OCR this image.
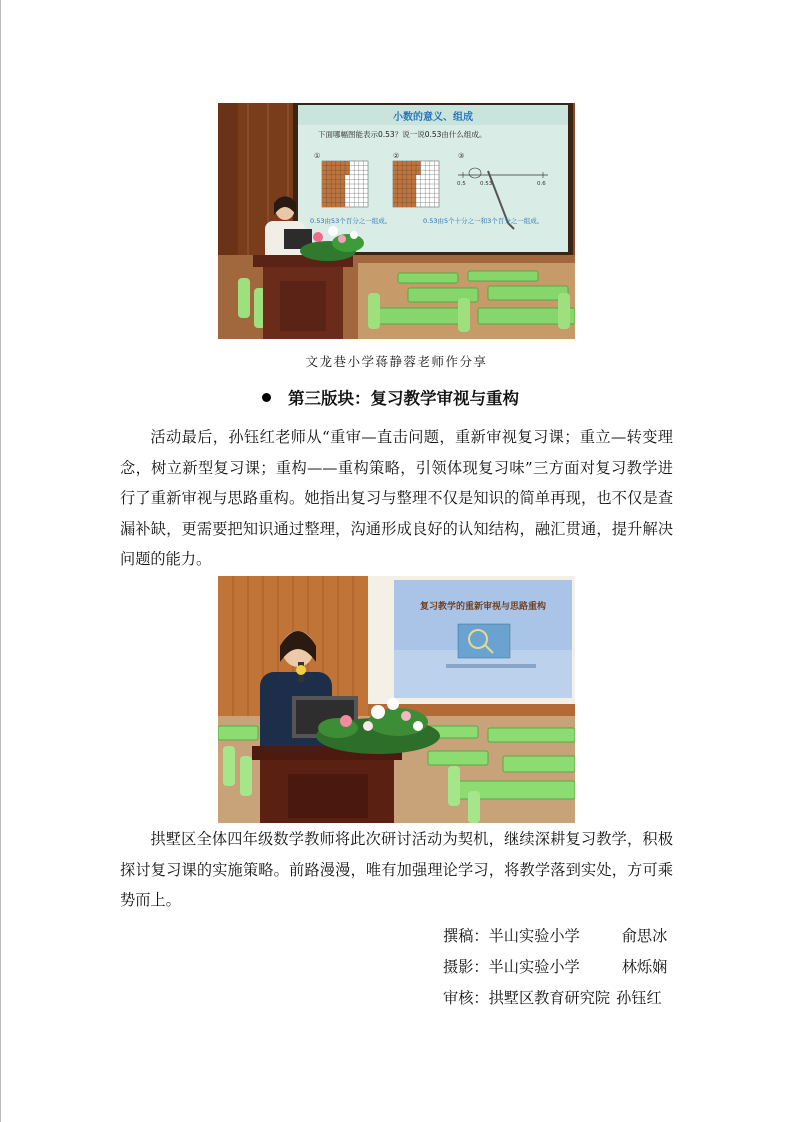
小数的意义、组成
下面哪幅图能表示0.53？说一说0.53由什么组成。
①	②	③
0.5	0.53	0.6
0.53由53个百分之一组成。	0.53由5个十分之一和3个百分之一组成。
文龙巷小学蒋静蓉老师作分享
第三版块：复习教学审视与重构

活动最后，孙钰红老师从“重审—直击问题，重新审视复习课；重立—转变理念，树立新型复习课；重构——重构策略，引领体现复习味”三方面对复习教学进行了重新审视与思路重构。她指出复习与整理不仅是知识的简单再现，也不仅是查漏补缺，更需要把知识通过整理，沟通形成良好的认知结构，融汇贯通，提升解决问题的能力。

复习教学的重新审视与思路重构

拱墅区全体四年级数学教师将此次研讨活动为契机，继续深耕复习教学，积极探讨复习课的实施策略。前路漫漫，唯有加强理论学习，将教学落到实处，方可乘势而上。

撰稿：半山实验小学	俞思冰
摄影：半山实验小学	林烁娴
审核：拱墅区教育研究院 孙钰红
